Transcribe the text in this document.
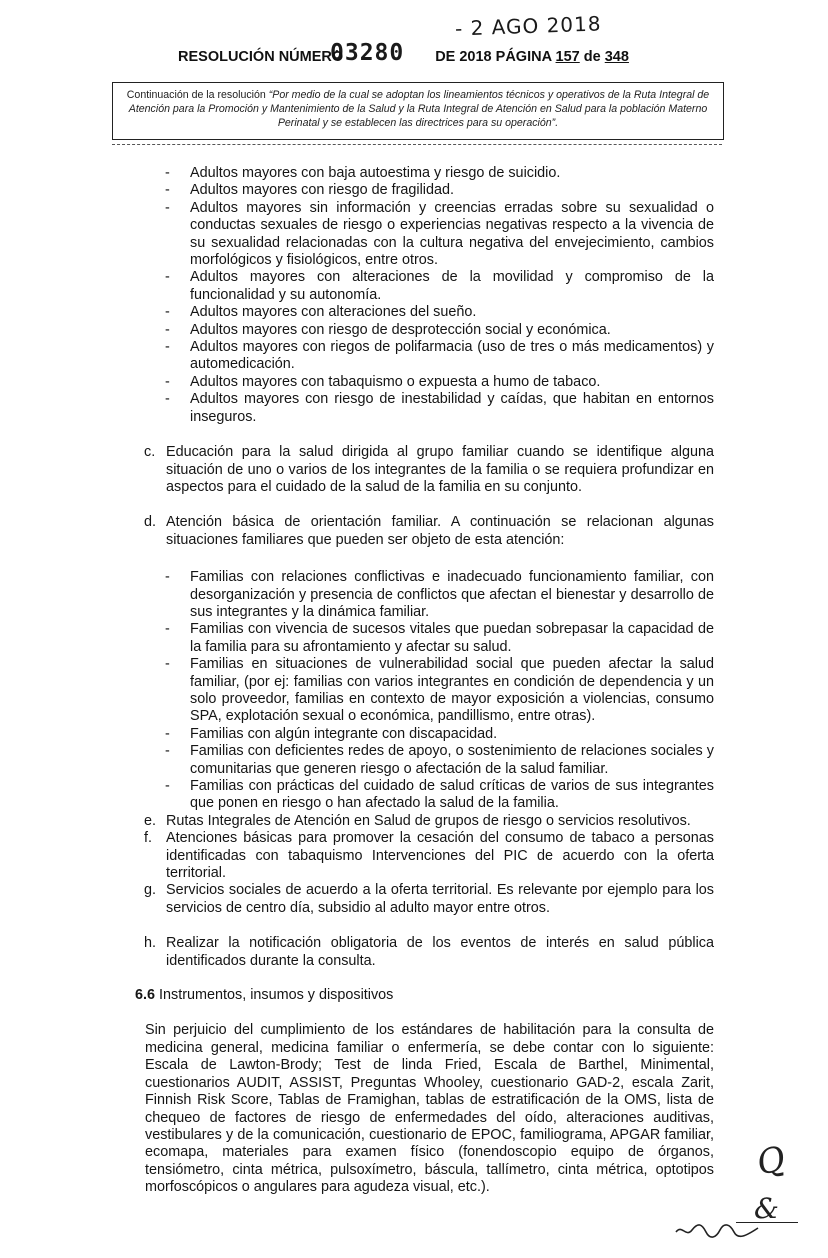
- 2 AGO 2018
03280
RESOLUCIÓN NÚMERO	DE 2018 PÁGINA 157 de 348
Continuación de la resolución “Por medio de la cual se adoptan los lineamientos técnicos y operativos de la Ruta Integral de Atención para la Promoción y Mantenimiento de la Salud y la Ruta Integral de Atención en Salud para la población Materno Perinatal y se establecen las directrices para su operación”.
- Adultos mayores con baja autoestima y riesgo de suicidio.
- Adultos mayores con riesgo de fragilidad.
- Adultos mayores sin información y creencias erradas sobre su sexualidad o conductas sexuales de riesgo o experiencias negativas respecto a la vivencia de su sexualidad relacionadas con la cultura negativa del envejecimiento, cambios morfológicos y fisiológicos, entre otros.
- Adultos mayores con alteraciones de la movilidad y compromiso de la funcionalidad y su autonomía.
- Adultos mayores con alteraciones del sueño.
- Adultos mayores con riesgo de desprotección social y económica.
- Adultos mayores con riegos de polifarmacia (uso de tres o más medicamentos) y automedicación.
- Adultos mayores con tabaquismo o expuesta a humo de tabaco.
- Adultos mayores con riesgo de inestabilidad y caídas, que habitan en entornos inseguros.
c. Educación para la salud dirigida al grupo familiar cuando se identifique alguna situación de uno o varios de los integrantes de la familia o se requiera profundizar en aspectos para el cuidado de la salud de la familia en su conjunto.
d. Atención básica de orientación familiar. A continuación se relacionan algunas situaciones familiares que pueden ser objeto de esta atención:
- Familias con relaciones conflictivas e inadecuado funcionamiento familiar, con desorganización y presencia de conflictos que afectan el bienestar y desarrollo de sus integrantes y la dinámica familiar.
- Familias con vivencia de sucesos vitales que puedan sobrepasar la capacidad de la familia para su afrontamiento y afectar su salud.
- Familias en situaciones de vulnerabilidad social que pueden afectar la salud familiar, (por ej: familias con varios integrantes en condición de dependencia y un solo proveedor, familias en contexto de mayor exposición a violencias, consumo SPA, explotación sexual o económica, pandillismo, entre otras).
- Familias con algún integrante con discapacidad.
- Familias con deficientes redes de apoyo, o sostenimiento de relaciones sociales y comunitarias que generen riesgo o afectación de la salud familiar.
- Familias con prácticas del cuidado de salud críticas de varios de sus integrantes que ponen en riesgo o han afectado la salud de la familia.
e. Rutas Integrales de Atención en Salud de grupos de riesgo o servicios resolutivos.
f. Atenciones básicas para promover la cesación del consumo de tabaco a personas identificadas con tabaquismo Intervenciones del PIC de acuerdo con la oferta territorial.
g. Servicios sociales de acuerdo a la oferta territorial. Es relevante por ejemplo para los servicios de centro día, subsidio al adulto mayor entre otros.
h. Realizar la notificación obligatoria de los eventos de interés en salud pública identificados durante la consulta.
6.6 Instrumentos, insumos y dispositivos
Sin perjuicio del cumplimiento de los estándares de habilitación para la consulta de medicina general, medicina familiar o enfermería, se debe contar con lo siguiente: Escala de Lawton-Brody; Test de linda Fried, Escala de Barthel, Minimental, cuestionarios AUDIT, ASSIST, Preguntas Whooley, cuestionario GAD-2, escala Zarit, Finnish Risk Score, Tablas de Framighan, tablas de estratificación de la OMS, lista de chequeo de factores de riesgo de enfermedades del oído, alteraciones auditivas, vestibulares y de la comunicación, cuestionario de EPOC, familiograma, APGAR familiar, ecomapa, materiales para examen físico (fonendoscopio equipo de órganos, tensiómetro, cinta métrica, pulsoxímetro, báscula, tallímetro, cinta métrica, optotipos morfoscópicos o angulares para agudeza visual, etc.).
Q
&
